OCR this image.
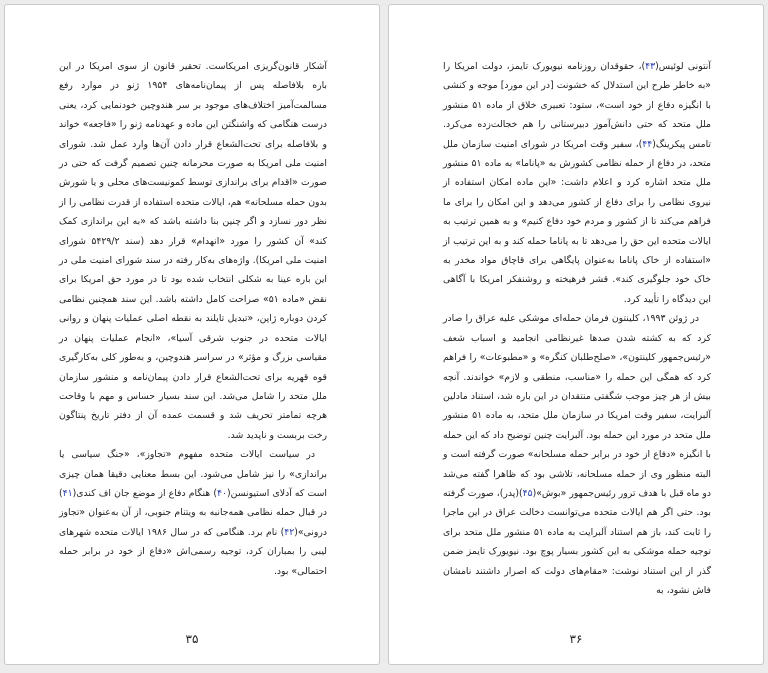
آشکار قانون‌گریزی امریکاست. تحقیر قانون از سوی امریکا در این باره بلافاصله پس از پیمان‌نامه‌های ۱۹۵۴ ژنو در موارد رفع مسالمت‌آمیز اختلاف‌های موجود بر سر هندوچین خود‌نمایی کرد، یعنی درست هنگامی که واشنگتن این ماده و عهدنامه ژنو را «فاجعه» خواند و بلافاصله برای تحت‌الشعاع قرار دادن آن‌ها وارد عمل شد. شورای امنیت ملی امریکا به صورت محرمانه چنین تصمیم گرفت که حتی در صورت «اقدام برای براندازی توسط کمونیست‌های محلی و یا شورش بدون حمله مسلحانه» هم، ایالات متحده استفاده از قدرت نظامی را از نظر دور نسازد و اگر چنین بنا داشته باشد که «به این براندازی کمک کند» آن کشور را مورد «انهدام» قرار دهد (سند ۵۴۲۹/۲ شورای امنیت ملی امریکا). واژه‌های به‌کار رفته در سند شورای امنیت ملی در این باره عینا به شکلی انتخاب شده بود تا در مورد حق امریکا برای نقض «ماده ۵۱» صراحت کامل داشته باشد. این سند همچنین نظامی کردن دوباره ژاپن، «تبدیل تایلند به نقطه اصلی عملیات پنهان و روانی ایالات متحده در جنوب شرقی آسیا»، «انجام عملیات پنهان در مقیاسی بزرگ و مؤثر» در سراسر هندوچین، و به‌طور کلی به‌کارگیری قوه قهریه برای تحت‌الشعاع قرار دادن پیمان‌نامه و منشور سازمان ملل متحد را شامل می‌شد. این سند بسیار حساس و مهم با وقاحت هرچه تمامتر تحریف شد و قسمت عمده آن از دفتر تاریخ پنتاگون رخت بربست و ناپدید شد.

در سیاست ایالات متحده مفهوم «تجاوز»، «جنگ سیاسی یا براندازی» را نیز شامل می‌شود. این بسط معنایی دقیقا همان چیزی است که آدلای استیونسن(۴۰) هنگام دفاع از موضع جان اف کندی(۴۱) در قبال حمله نظامی همه‌جانبه به ویتنام جنوبی، از آن به‌عنوان «تجاوز درونی»(۴۲) نام برد. هنگامی که در سال ۱۹۸۶ ایالات متحده شهرهای لیبی را بمباران کرد، توجیه رسمی‌اش «دفاع از خود در برابر حمله احتمالی» بود.

۳۵

آنتونی لوئیس(۴۳)، حقوقدان روزنامه نیویورک تایمز، دولت امریکا را «به خاطر طرح این استدلال که خشونت [در این مورد] موجه و کنشی با انگیزه دفاع از خود است»، ستود: تعبیری خلاق از ماده ۵۱ منشور ملل متحد که حتی دانش‌آموز دبیرستانی را هم خجالت‌زده می‌کرد. تامس پیکرینگ(۴۴)، سفیر وقت امریکا در شورای امنیت سازمان ملل متحد، در دفاع از حمله نظامی کشورش به «پاناما» به ماده ۵۱ منشور ملل متحد اشاره کرد و اعلام داشت: «این ماده امکان استفاده از نیروی نظامی را برای دفاع از کشور می‌دهد و این امکان را برای ما فراهم می‌کند تا از کشور و مردم خود دفاع کنیم» و به همین ترتیب به ایالات متحده این حق را می‌دهد تا به پاناما حمله کند و به این ترتیب از «استفاده از خاک پاناما به‌عنوان پایگاهی برای قاچاق مواد مخدر به خاک خود جلوگیری کند». قشر فرهیخته و روشنفکر امریکا با آگاهی این دیدگاه را تأیید کرد.

در ژوئن ۱۹۹۳، کلینتون فرمان حمله‌ای موشکی علیه عراق را صادر کرد که به کشته شدن صدها غیرنظامی انجامید و اسباب شعف «رئیس‌جمهور کلینتون»، «صلح‌طلبان کنگره» و «مطبوعات» را فراهم کرد که همگی این حمله را «مناسب، منطقی و لازم» خواندند. آنچه بیش از هر چیز موجب شگفتی منتقدان در این باره شد، استناد مادلین آلبرایت، سفیر وقت امریکا در سازمان ملل متحد، به ماده ۵۱ منشور ملل متحد در مورد این حمله بود. آلبرایت چنین توضیح داد که این حمله با انگیزه «دفاع از خود در برابر حمله مسلحانه» صورت گرفته است و البته منظور وی از حمله مسلحانه، تلاشی بود که ظاهرا گفته می‌شد دو ماه قبل با هدف ترور رئیس‌جمهور «بوش»(۴۵)(پدر)، صورت گرفته بود. حتی اگر هم ایالات متحده می‌توانست دخالت عراق در این ماجرا را ثابت کند، باز هم استناد آلبرایت به ماده ۵۱ منشور ملل متحد برای توجیه حمله موشکی به این کشور بسیار پوچ بود. نیویورک تایمز ضمن گذر از این استناد نوشت: «مقام‌های دولت که اصرار داشتند نامشان فاش نشود، به

۳۶
